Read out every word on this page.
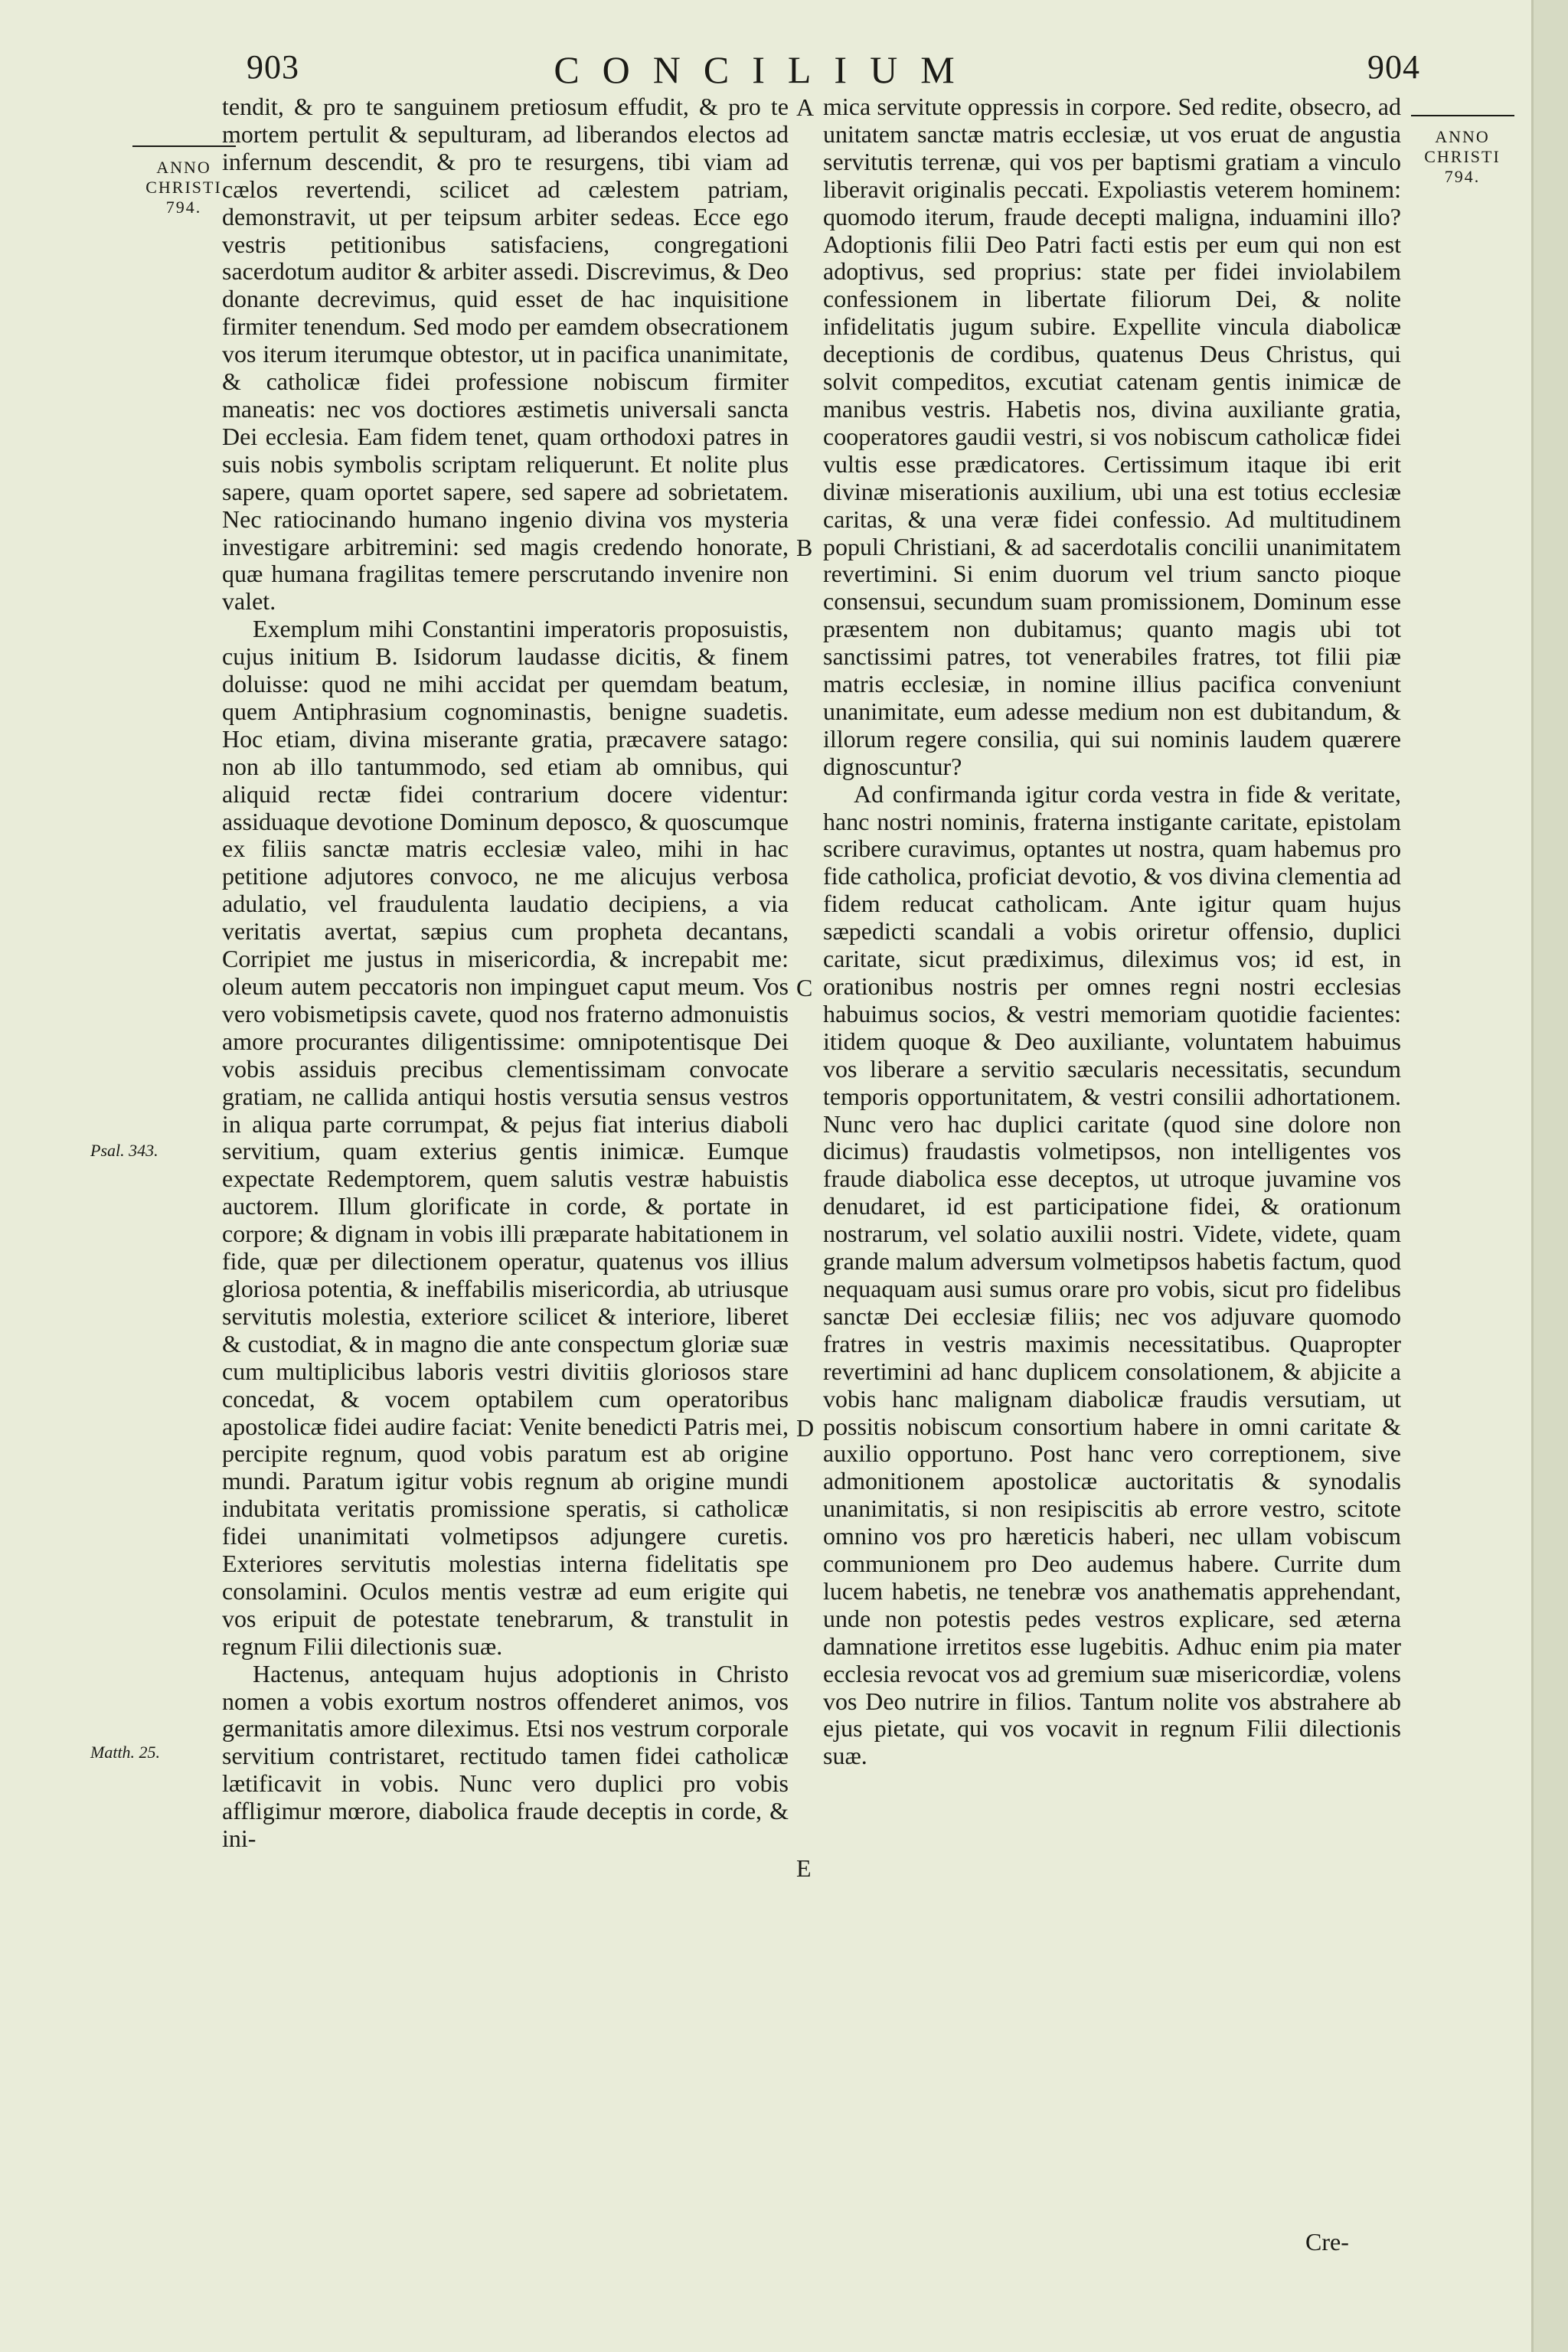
903	CONCILIUM	904
ANNO CHRISTI 794.
ANNO CHRISTI 794.
Psal. 343.
Matth. 25.

tendit, & pro te sanguinem pretiosum effudit, & pro te mortem pertulit & sepulturam, ad liberandos electos ad infernum descendit, & pro te resurgens, tibi viam ad cælos revertendi, scilicet ad cælestem patriam, demonstravit, ut per teipsum arbiter sedeas. Ecce ego vestris petitionibus satisfaciens, congregationi sacerdotum auditor & arbiter assedi. Discrevimus, & Deo donante decrevimus, quid esset de hac inquisitione firmiter tenendum. Sed modo per eamdem obsecrationem vos iterum iterumque obtestor, ut in pacifica unanimitate, & catholicæ fidei professione nobiscum firmiter maneatis: nec vos doctiores æstimetis universali sancta Dei ecclesia. Eam fidem tenet, quam orthodoxi patres in suis nobis symbolis scriptam reliquerunt. Et nolite plus sapere, quam oportet sapere, sed sapere ad sobrietatem. Nec ratiocinando humano ingenio divina vos mysteria investigare arbitremini: sed magis credendo honorate, quæ humana fragilitas temere perscrutando invenire non valet.

Exemplum mihi Constantini imperatoris proposuistis, cujus initium B. Isidorum laudasse dicitis, & finem doluisse: quod ne mihi accidat per quemdam beatum, quem Antiphrasium cognominastis, benigne suadetis. Hoc etiam, divina miserante gratia, præcavere satago: non ab illo tantummodo, sed etiam ab omnibus, qui aliquid rectæ fidei contrarium docere videntur: assiduaque devotione Dominum deposco, & quoscumque ex filiis sanctæ matris ecclesiæ valeo, mihi in hac petitione adjutores convoco, ne me alicujus verbosa adulatio, vel fraudulenta laudatio decipiens, a via veritatis avertat, sæpius cum propheta decantans, Corripiet me justus in misericordia, & increpabit me: oleum autem peccatoris non impinguet caput meum. Vos vero vobismetipsis cavete, quod nos fraterno admonuistis amore procurantes diligentissime: omnipotentisque Dei vobis assiduis precibus clementissimam convocate gratiam, ne callida antiqui hostis versutia sensus vestros in aliqua parte corrumpat, & pejus fiat interius diaboli servitium, quam exterius gentis inimicæ. Eumque expectate Redemptorem, quem salutis vestræ habuistis auctorem. Illum glorificate in corde, & portate in corpore; & dignam in vobis illi præparate habitationem in fide, quæ per dilectionem operatur, quatenus vos illius gloriosa potentia, & ineffabilis misericordia, ab utriusque servitutis molestia, exteriore scilicet & interiore, liberet & custodiat, & in magno die ante conspectum gloriæ suæ cum multiplicibus laboris vestri divitiis gloriosos stare concedat, & vocem optabilem cum operatoribus apostolicæ fidei audire faciat: Venite benedicti Patris mei, percipite regnum, quod vobis paratum est ab origine mundi. Paratum igitur vobis regnum ab origine mundi indubitata veritatis promissione speratis, si catholicæ fidei unanimitati volmetipsos adjungere curetis. Exteriores servitutis molestias interna fidelitatis spe consolamini. Oculos mentis vestræ ad eum erigite qui vos eripuit de potestate tenebrarum, & transtulit in regnum Filii dilectionis suæ.

Hactenus, antequam hujus adoptionis in Christo nomen a vobis exortum nostros offenderet animos, vos germanitatis amore dileximus. Etsi nos vestrum corporale servitium contristaret, rectitudo tamen fidei catholicæ lætificavit in vobis. Nunc vero duplici pro vobis affligimur mœrore, diabolica fraude deceptis in corde, & ini-

A
B
C
D
E

mica servitute oppressis in corpore. Sed redite, obsecro, ad unitatem sanctæ matris ecclesiæ, ut vos eruat de angustia servitutis terrenæ, qui vos per baptismi gratiam a vinculo liberavit originalis peccati. Expoliastis veterem hominem: quomodo iterum, fraude decepti maligna, induamini illo? Adoptionis filii Deo Patri facti estis per eum qui non est adoptivus, sed proprius: state per fidei inviolabilem confessionem in libertate filiorum Dei, & nolite infidelitatis jugum subire. Expellite vincula diabolicæ deceptionis de cordibus, quatenus Deus Christus, qui solvit compeditos, excutiat catenam gentis inimicæ de manibus vestris. Habetis nos, divina auxiliante gratia, cooperatores gaudii vestri, si vos nobiscum catholicæ fidei vultis esse prædicatores. Certissimum itaque ibi erit divinæ miserationis auxilium, ubi una est totius ecclesiæ caritas, & una veræ fidei confessio. Ad multitudinem populi Christiani, & ad sacerdotalis concilii unanimitatem revertimini. Si enim duorum vel trium sancto pioque consensui, secundum suam promissionem, Dominum esse præsentem non dubitamus; quanto magis ubi tot sanctissimi patres, tot venerabiles fratres, tot filii piæ matris ecclesiæ, in nomine illius pacifica conveniunt unanimitate, eum adesse medium non est dubitandum, & illorum regere consilia, qui sui nominis laudem quærere dignoscuntur?

Ad confirmanda igitur corda vestra in fide & veritate, hanc nostri nominis, fraterna instigante caritate, epistolam scribere curavimus, optantes ut nostra, quam habemus pro fide catholica, proficiat devotio, & vos divina clementia ad fidem reducat catholicam. Ante igitur quam hujus sæpedicti scandali a vobis oriretur offensio, duplici caritate, sicut prædiximus, dileximus vos; id est, in orationibus nostris per omnes regni nostri ecclesias habuimus socios, & vestri memoriam quotidie facientes: itidem quoque & Deo auxiliante, voluntatem habuimus vos liberare a servitio sæcularis necessitatis, secundum temporis opportunitatem, & vestri consilii adhortationem. Nunc vero hac duplici caritate (quod sine dolore non dicimus) fraudastis volmetipsos, non intelligentes vos fraude diabolica esse deceptos, ut utroque juvamine vos denudaret, id est participatione fidei, & orationum nostrarum, vel solatio auxilii nostri. Videte, videte, quam grande malum adversum volmetipsos habetis factum, quod nequaquam ausi sumus orare pro vobis, sicut pro fidelibus sanctæ Dei ecclesiæ filiis; nec vos adjuvare quomodo fratres in vestris maximis necessitatibus. Quapropter revertimini ad hanc duplicem consolationem, & abjicite a vobis hanc malignam diabolicæ fraudis versutiam, ut possitis nobiscum consortium habere in omni caritate & auxilio opportuno. Post hanc vero correptionem, sive admonitionem apostolicæ auctoritatis & synodalis unanimitatis, si non resipiscitis ab errore vestro, scitote omnino vos pro hæreticis haberi, nec ullam vobiscum communionem pro Deo audemus habere. Currite dum lucem habetis, ne tenebræ vos anathematis apprehendant, unde non potestis pedes vestros explicare, sed æterna damnatione irretitos esse lugebitis. Adhuc enim pia mater ecclesia revocat vos ad gremium suæ misericordiæ, volens vos Deo nutrire in filios. Tantum nolite vos abstrahere ab ejus pietate, qui vos vocavit in regnum Filii dilectionis suæ.

Cre-
